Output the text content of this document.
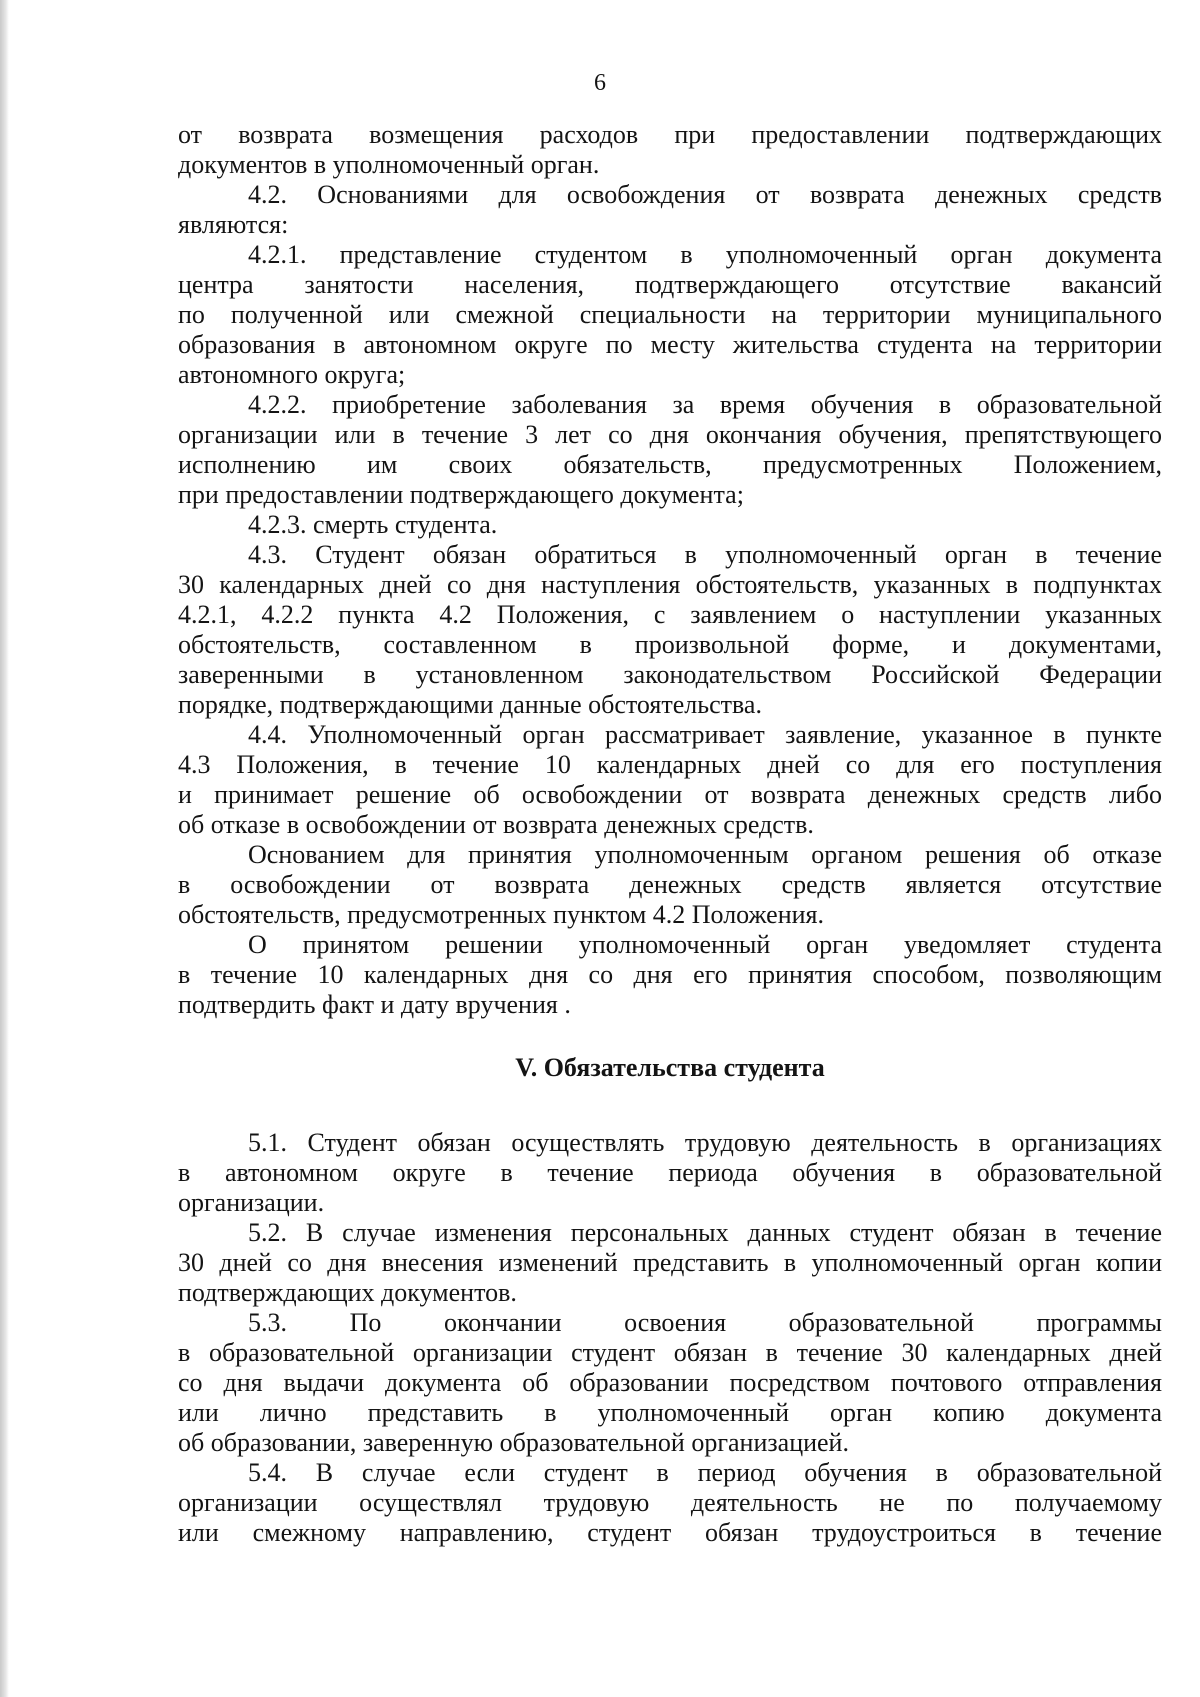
6
от возврата возмещения расходов при предоставлении подтверждающих
документов в уполномоченный орган.
4.2. Основаниями для освобождения от возврата денежных средств
являются:
4.2.1. представление студентом в уполномоченный орган документа
центра занятости населения, подтверждающего отсутствие вакансий
по полученной или смежной специальности на территории муниципального
образования в автономном округе по месту жительства студента на территории
автономного округа;
4.2.2. приобретение заболевания за время обучения в образовательной
организации или в течение 3 лет со дня окончания обучения, препятствующего
исполнению им своих обязательств, предусмотренных Положением,
при предоставлении подтверждающего документа;
4.2.3. смерть студента.
4.3. Студент обязан обратиться в уполномоченный орган в течение
30 календарных дней со дня наступления обстоятельств, указанных в подпунктах
4.2.1, 4.2.2 пункта 4.2 Положения, с заявлением о наступлении указанных
обстоятельств, составленном в произвольной форме, и документами,
заверенными в установленном законодательством Российской Федерации
порядке, подтверждающими данные обстоятельства.
4.4. Уполномоченный орган рассматривает заявление, указанное в пункте
4.3 Положения, в течение 10 календарных дней со для его поступления
и принимает решение об освобождении от возврата денежных средств либо
об отказе в освобождении от возврата денежных средств.
Основанием для принятия уполномоченным органом решения об отказе
в освобождении от возврата денежных средств является отсутствие
обстоятельств, предусмотренных пунктом 4.2 Положения.
О принятом решении уполномоченный орган уведомляет студента
в течение 10 календарных дня со дня его принятия способом, позволяющим
подтвердить факт и дату вручения .
V. Обязательства студента
5.1. Студент обязан осуществлять трудовую деятельность в организациях
в автономном округе в течение периода обучения в образовательной
организации.
5.2. В случае изменения персональных данных студент обязан в течение
30 дней со дня внесения изменений представить в уполномоченный орган копии
подтверждающих документов.
5.3. По окончании освоения образовательной программы
в образовательной организации студент обязан в течение 30 календарных дней
со дня выдачи документа об образовании посредством почтового отправления
или лично представить в уполномоченный орган копию документа
об образовании, заверенную образовательной организацией.
5.4. В случае если студент в период обучения в образовательной
организации осуществлял трудовую деятельность не по получаемому
или смежному направлению, студент обязан трудоустроиться в течение
